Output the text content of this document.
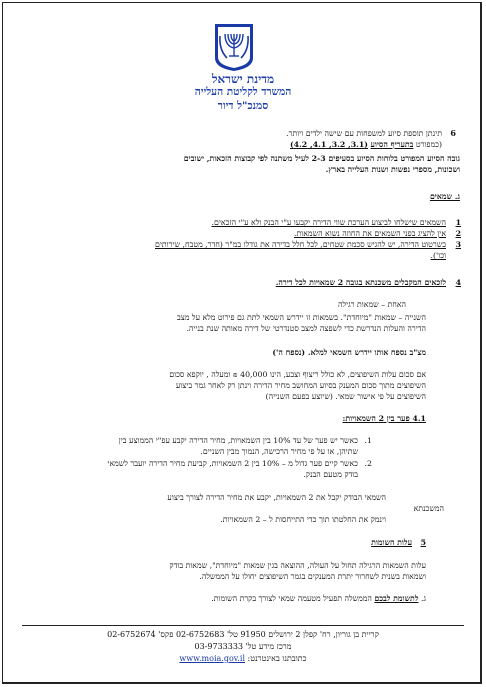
מדינת ישראל
המשרד לקליטת העלייה
סמנכ"ל דיור
6
תינתן תוספת סיוע למשפחות עם שישה ילדים ויותר.
(כמפורט בתעריף הסיוע (3.1, 3.2, 4.1, 4.2)
גובה הסיוע המפורט בלוחות הסיוע בסעיפים 2-3 לעיל משתנה לפי קבוצות הזכאות, ישובים
ושכונות, מספרי נפשות ושנות העלייה בארץ.
ג. שמאים
1
השמאים שישלחו לביצוע הערכת שווי הדירה יקבעו ע"י הבנק ולא ע"י הזכאים.
2
אין להציג בפני השמאים את החוזה נשוא השמאות.
3
בשרטוט הדירה, יש להגיש סכמת שטחים, לכל חלל בדירה את גודלו במ"ר (חדר, מטבח, שירותים
וכו').
4
לזכאים המקבלים משכנתא בגובה 2 שמאויות לכל דירה.
האחת – שמאות רגילה
השנייה – שמאות "מיוחדת". בשמאות זו יידרש השמאי לתת גם פירוט מלא על מצב
הדירה והעלות הנדרשת כדי לשפצה למצב סטנדרטי של דירה מאותה שנת בנייה.
מצ"ב נספח אותו יידרש השמאי למלא. (נספח ה')
אם סכום עלות השיפוצים, לא כולל ריצוף וצבע, הינו 40,000 ₪ ומעלה , יוקפא סכום
השיפוצים מתוך סכום המענק בסיוע המחושב מחיר הדירה וינתן רק לאחר גמר ביצוע
השיפוצים על פי אישור שמאי. (שיוצע בפעם השנייה)
4.1 פער בין 2 השמאויות:
1.
כאשר יש פער של עד 10% בין השמאויות, מחיר הדירה יקבע עפ"י הממוצע בין
שתיהן, או על פי מחיר הרכישה, הנמוך מבין השניים.
2.
כאשר קיים פער גדול מ – 10% בין 2 השמאויות, קביעת מחיר הדירה יועבר לשמאי
בודק מטעם הבנק.
השמאי הבודק יקבל את 2 השמאויות, יקבע את מחיר הדירה לצורך ביצוע
המשכנתא
וינמק את החלטתו תוך כדי התייחסות ל – 2 השמאויות.
5
עלות השומות
עלות השמאות הרגילה תחול על העולה, ההוצאה בגין שמאות "מיוחדת", שמאות בודק
ושמאות בשנית לשחרור יתרת המענקים בגמר השיפוצים יחולו על הממשלה.
ג. לתשומת לבכם הממשלה תפעיל מטעמה שמאי לצורך בקרת השומות.
קריית בן גוריון, רח' קפלן 2 ירושלים 91950 טל' 02-6752683 פקס' 02-6752674
מרכז מידע טל' 03-9733333
כתובתנו באינטרנט: www.moia.gov.il
